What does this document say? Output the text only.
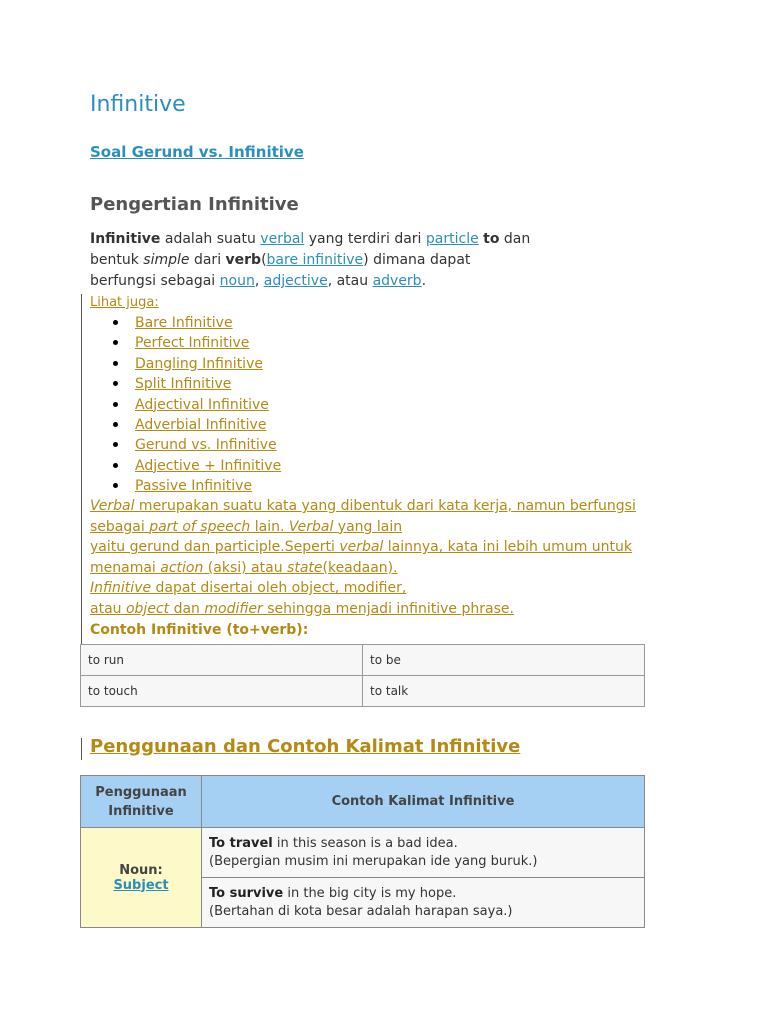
Infinitive
Soal Gerund vs. Infinitive
Pengertian Infinitive
Infinitive adalah suatu verbal yang terdiri dari particle to dan
bentuk simple dari verb(bare infinitive) dimana dapat
berfungsi sebagai noun, adjective, atau adverb.
Lihat juga:
Bare Infinitive
Perfect Infinitive
Dangling Infinitive
Split Infinitive
Adjectival Infinitive
Adverbial Infinitive
Gerund vs. Infinitive
Adjective + Infinitive
Passive Infinitive
Verbal merupakan suatu kata yang dibentuk dari kata kerja, namun berfungsi
sebagai part of speech lain. Verbal yang lain
yaitu gerund dan participle.Seperti verbal lainnya, kata ini lebih umum untuk
menamai action (aksi) atau state(keadaan).
Infinitive dapat disertai oleh object, modifier,
atau object dan modifier sehingga menjadi infinitive phrase.
Contoh Infinitive (to+verb):
to run	to be
to touch	to talk
Penggunaan dan Contoh Kalimat Infinitive
Penggunaan Infinitive	Contoh Kalimat Infinitive

Noun:
Subject	To travel in this season is a bad idea.
(Bepergian musim ini merupakan ide yang buruk.)
	To survive in the big city is my hope.
(Bertahan di kota besar adalah harapan saya.)
